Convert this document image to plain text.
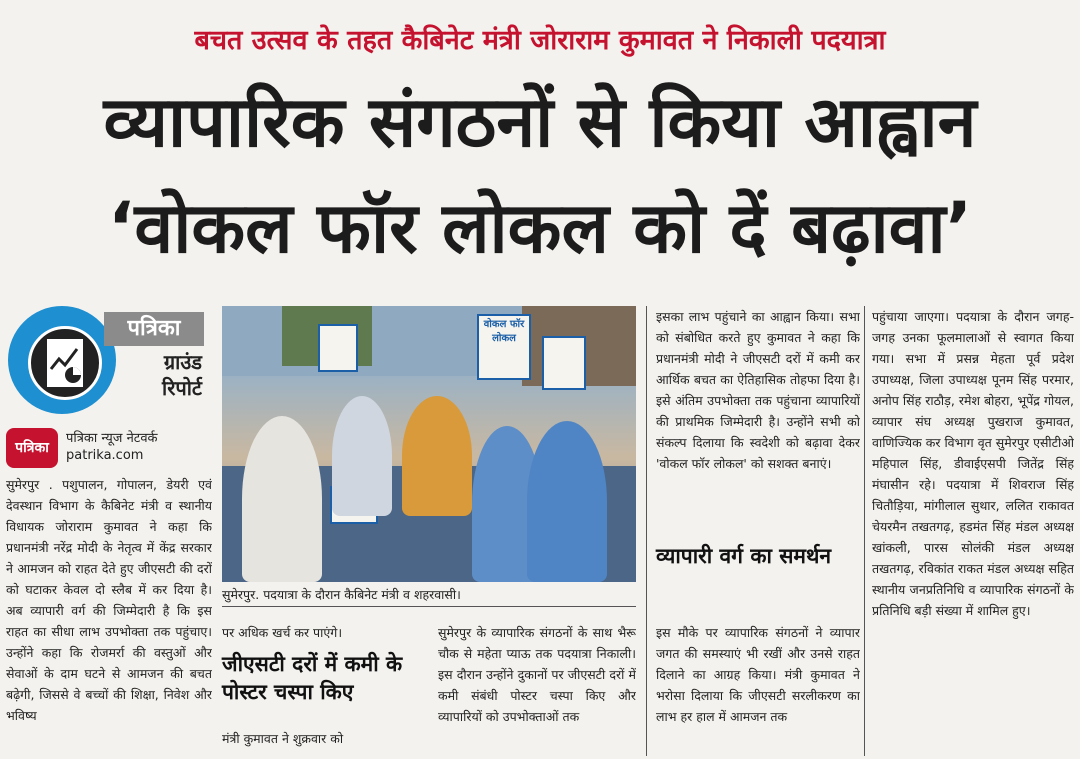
बचत उत्सव के तहत कैबिनेट मंत्री जोराराम कुमावत ने निकाली पदयात्रा
व्यापारिक संगठनों से किया आह्वान
‘वोकल फॉर लोकल को दें बढ़ावा’
पत्रिका
ग्राउंड
रिपोर्ट
पत्रिका
पत्रिका न्यूज नेटवर्क
patrika.com
सुमेरपुर . पशुपालन, गोपालन, डेयरी एवं देवस्थान विभाग के कैबिनेट मंत्री व स्थानीय विधायक जोराराम कुमावत ने कहा कि प्रधानमंत्री नरेंद्र मोदी के नेतृत्व में केंद्र सरकार ने आमजन को राहत देते हुए जीएसटी की दरों को घटाकर केवल दो स्लैब में कर दिया है। अब व्यापारी वर्ग की जिम्मेदारी है कि इस राहत का सीधा लाभ उपभोक्ता तक पहुंचाए। उन्होंने कहा कि रोजमर्रा की वस्तुओं और सेवाओं के दाम घटने से आमजन की बचत बढ़ेगी, जिससे वे बच्चों की शिक्षा, निवेश और भविष्य
वोकल फॉर लोकल
सुमेरपुर. पदयात्रा के दौरान कैबिनेट मंत्री व शहरवासी।
पर अधिक खर्च कर पाएंगे।
जीएसटी दरों में कमी के पोस्टर चस्पा किए
मंत्री कुमावत ने शुक्रवार को
सुमेरपुर के व्यापारिक संगठनों के साथ भैरू चौक से महेता प्याऊ तक पदयात्रा निकाली। इस दौरान उन्होंने दुकानों पर जीएसटी दरों में कमी संबंधी पोस्टर चस्पा किए और व्यापारियों को उपभोक्ताओं तक
इसका लाभ पहुंचाने का आह्वान किया। सभा को संबोधित करते हुए कुमावत ने कहा कि प्रधानमंत्री मोदी ने जीएसटी दरों में कमी कर आर्थिक बचत का ऐतिहासिक तोहफा दिया है। इसे अंतिम उपभोक्ता तक पहुंचाना व्यापारियों की प्राथमिक जिम्मेदारी है। उन्होंने सभी को संकल्प दिलाया कि स्वदेशी को बढ़ावा देकर 'वोकल फॉर लोकल' को सशक्त बनाएं।
व्यापारी वर्ग का समर्थन
इस मौके पर व्यापारिक संगठनों ने व्यापार जगत की समस्याएं भी रखीं और उनसे राहत दिलाने का आग्रह किया। मंत्री कुमावत ने भरोसा दिलाया कि जीएसटी सरलीकरण का लाभ हर हाल में आमजन तक
पहुंचाया जाएगा। पदयात्रा के दौरान जगह-जगह उनका फूलमालाओं से स्वागत किया गया। सभा में प्रसन्न मेहता पूर्व प्रदेश उपाध्यक्ष, जिला उपाध्यक्ष पूनम सिंह परमार, अनोप सिंह राठौड़, रमेश बोहरा, भूपेंद्र गोयल, व्यापार संघ अध्यक्ष पुखराज कुमावत, वाणिज्यिक कर विभाग वृत सुमेरपुर एसीटीओ महिपाल सिंह, डीवाईएसपी जितेंद्र सिंह मंघासीन रहे। पदयात्रा में शिवराज सिंह चितौड़िया, मांगीलाल सुथार, ललित राकावत चेयरमैन तखतगढ़, हडमंत सिंह मंडल अध्यक्ष खांकली, पारस सोलंकी मंडल अध्यक्ष तखतगढ़, रविकांत राकत मंडल अध्यक्ष सहित स्थानीय जनप्रतिनिधि व व्यापारिक संगठनों के प्रतिनिधि बड़ी संख्या में शामिल हुए।
